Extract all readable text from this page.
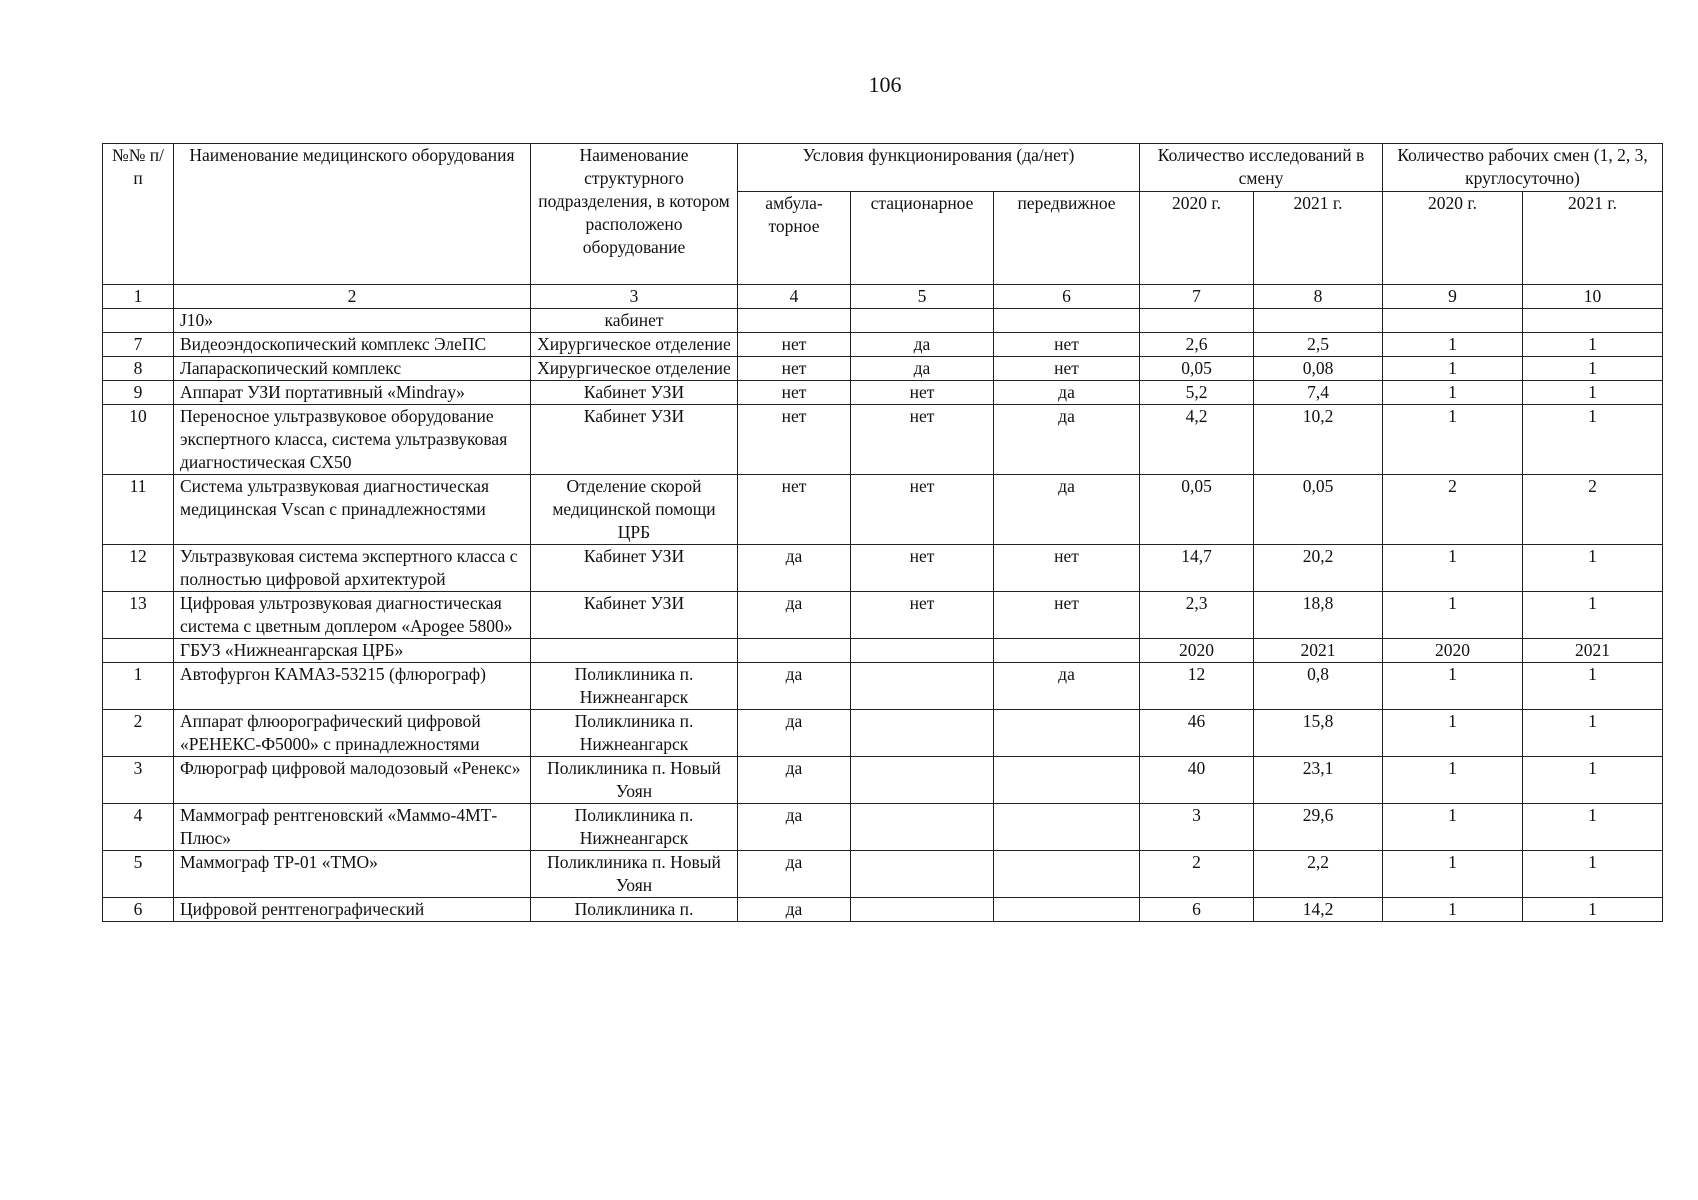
106
№№ п/п	Наименование медицинского оборудования	Наименование структурного подразделения, в котором расположено оборудование	Условия функционирования (да/нет)			Количество исследований в смену		Количество рабочих смен (1, 2, 3, круглосуточно)	
			амбула-торное	стационарное	передвижное	2020 г.	2021 г.	2020 г.	2021 г.
1	2	3	4	5	6	7	8	9	10
	J10»	кабинет							
7	Видеоэндоскопический комплекс ЭлеПС	Хирургическое отделение	нет	да	нет	2,6	2,5	1	1
8	Лапараскопический комплекс	Хирургическое отделение	нет	да	нет	0,05	0,08	1	1
9	Аппарат УЗИ портативный «Mindray»	Кабинет УЗИ	нет	нет	да	5,2	7,4	1	1
10	Переносное ультразвуковое оборудование экспертного класса, система ультразвуковая диагностическая CX50	Кабинет УЗИ	нет	нет	да	4,2	10,2	1	1
11	Система ультразвуковая диагностическая медицинская Vscan с принадлежностями	Отделение скорой медицинской помощи ЦРБ	нет	нет	да	0,05	0,05	2	2
12	Ультразвуковая система экспертного класса с полностью цифровой архитектурой	Кабинет УЗИ	да	нет	нет	14,7	20,2	1	1
13	Цифровая ультрозвуковая диагностическая система с цветным доплером «Apogee 5800»	Кабинет УЗИ	да	нет	нет	2,3	18,8	1	1
	ГБУЗ «Нижнеангарская ЦРБ»					2020	2021	2020	2021
1	Автофургон КАМАЗ-53215 (флюрограф)	Поликлиника п. Нижнеангарск	да		да	12	0,8	1	1
2	Аппарат флюорографический цифровой «РЕНЕКС-Ф5000» с принадлежностями	Поликлиника п. Нижнеангарск	да			46	15,8	1	1
3	Флюрограф цифровой малодозовый «Ренекс»	Поликлиника п. Новый Уоян	да			40	23,1	1	1
4	Маммограф рентгеновский «Маммо-4МТ-Плюс»	Поликлиника п. Нижнеангарск	да			3	29,6	1	1
5	Маммограф ТР-01 «ТМО»	Поликлиника п. Новый Уоян	да			2	2,2	1	1
6	Цифровой рентгенографический	Поликлиника п.	да			6	14,2	1	1
